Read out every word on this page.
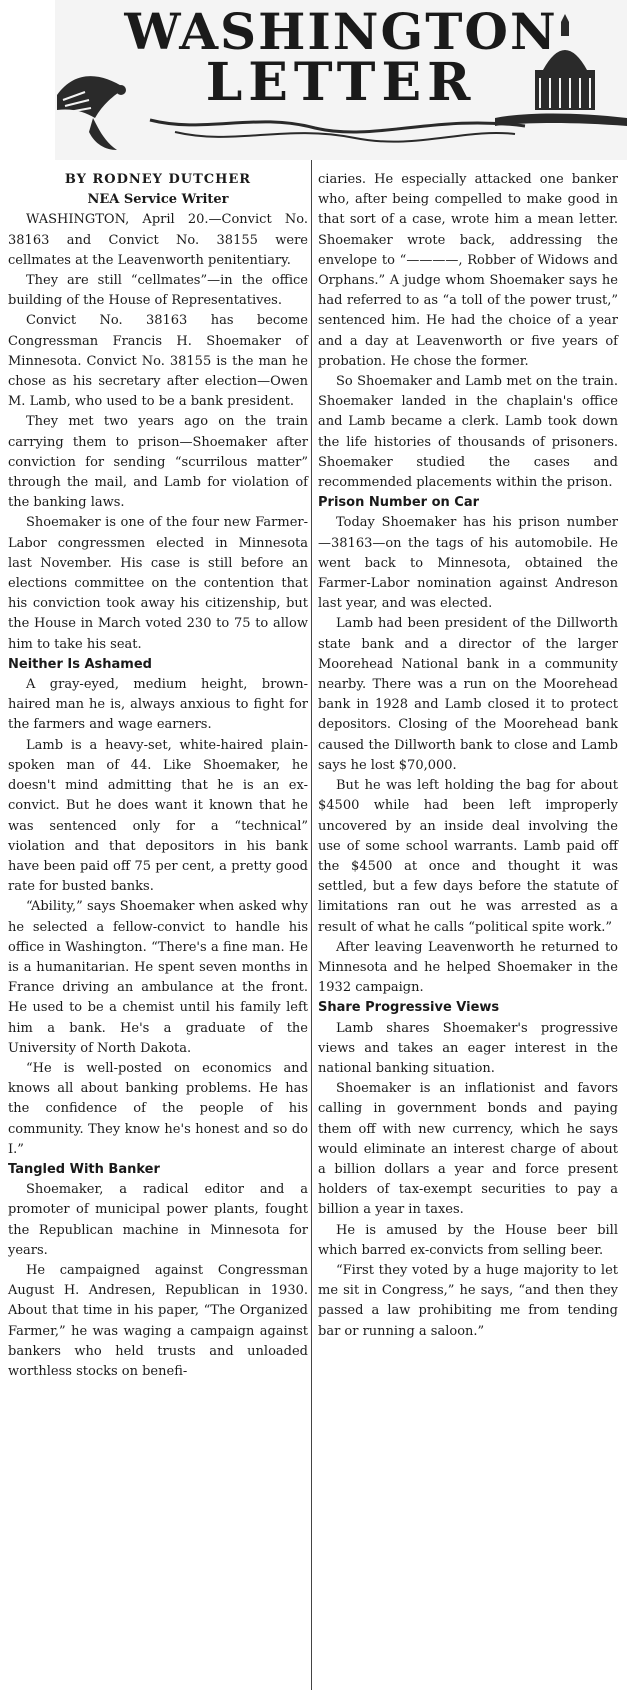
WASHINGTON
LETTER
BY RODNEY DUTCHER
NEA Service Writer

WASHINGTON, April 20.—Convict No. 38163 and Convict No. 38155 were cellmates at the Leavenworth penitentiary.

They are still “cellmates”—in the office building of the House of Representatives.

Convict No. 38163 has become Congressman Francis H. Shoemaker of Minnesota. Convict No. 38155 is the man he chose as his secretary after election—Owen M. Lamb, who used to be a bank president.

They met two years ago on the train carrying them to prison—Shoemaker after conviction for sending “scurrilous matter” through the mail, and Lamb for violation of the banking laws.

Shoemaker is one of the four new Farmer-Labor congressmen elected in Minnesota last November. His case is still before an elections committee on the contention that his conviction took away his citizenship, but the House in March voted 230 to 75 to allow him to take his seat.

Neither Is Ashamed

A gray-eyed, medium height, brown-haired man he is, always anxious to fight for the farmers and wage earners.

Lamb is a heavy-set, white-haired plain-spoken man of 44. Like Shoemaker, he doesn't mind admitting that he is an ex-convict. But he does want it known that he was sentenced only for a “technical” violation and that depositors in his bank have been paid off 75 per cent, a pretty good rate for busted banks.

“Ability,” says Shoemaker when asked why he selected a fellow-convict to handle his office in Washington. “There's a fine man. He is a humanitarian. He spent seven months in France driving an ambulance at the front. He used to be a chemist until his family left him a bank. He's a graduate of the University of North Dakota.

“He is well-posted on economics and knows all about banking problems. He has the confidence of the people of his community. They know he's honest and so do I.”

Tangled With Banker

Shoemaker, a radical editor and a promoter of municipal power plants, fought the Republican machine in Minnesota for years.

He campaigned against Congressman August H. Andresen, Republican in 1930. About that time in his paper, “The Organized Farmer,” he was waging a campaign against bankers who held trusts and unloaded worthless stocks on benefi-

ciaries. He especially attacked one banker who, after being compelled to make good in that sort of a case, wrote him a mean letter. Shoemaker wrote back, addressing the envelope to “————, Robber of Widows and Orphans.” A judge whom Shoemaker says he had referred to as “a toll of the power trust,” sentenced him. He had the choice of a year and a day at Leavenworth or five years of probation. He chose the former.

So Shoemaker and Lamb met on the train. Shoemaker landed in the chaplain's office and Lamb became a clerk. Lamb took down the life histories of thousands of prisoners. Shoemaker studied the cases and recommended placements within the prison.

Prison Number on Car

Today Shoemaker has his prison number—38163—on the tags of his automobile. He went back to Minnesota, obtained the Farmer-Labor nomination against Andreson last year, and was elected.

Lamb had been president of the Dillworth state bank and a director of the larger Moorehead National bank in a community nearby. There was a run on the Moorehead bank in 1928 and Lamb closed it to protect depositors. Closing of the Moorehead bank caused the Dillworth bank to close and Lamb says he lost $70,000.

But he was left holding the bag for about $4500 while had been left improperly uncovered by an inside deal involving the use of some school warrants. Lamb paid off the $4500 at once and thought it was settled, but a few days before the statute of limitations ran out he was arrested as a result of what he calls “political spite work.”

After leaving Leavenworth he returned to Minnesota and he helped Shoemaker in the 1932 campaign.

Share Progressive Views

Lamb shares Shoemaker's progressive views and takes an eager interest in the national banking situation.

Shoemaker is an inflationist and favors calling in government bonds and paying them off with new currency, which he says would eliminate an interest charge of about a billion dollars a year and force present holders of tax-exempt securities to pay a billion a year in taxes.

He is amused by the House beer bill which barred ex-convicts from selling beer.

“First they voted by a huge majority to let me sit in Congress,” he says, “and then they passed a law prohibiting me from tending bar or running a saloon.”
